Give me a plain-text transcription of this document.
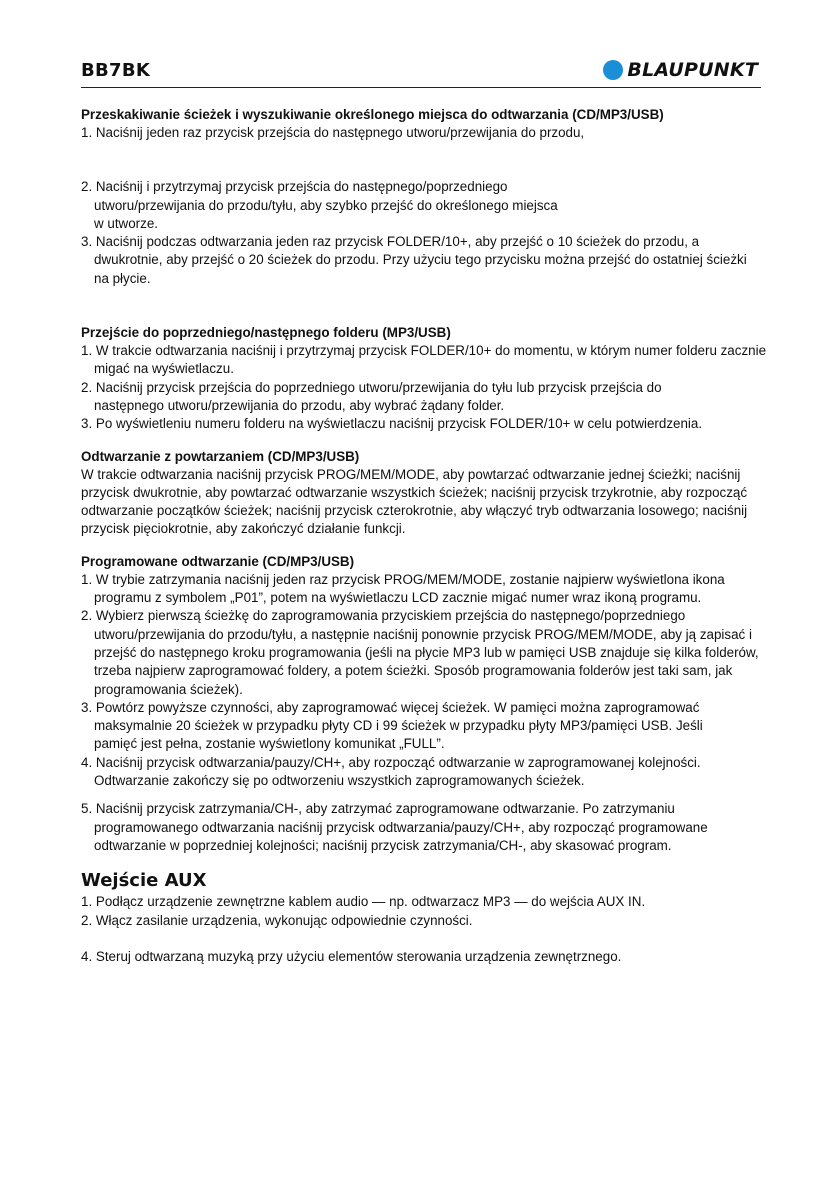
BB7BK	BLAUPUNKT
Przeskakiwanie ścieżek i wyszukiwanie określonego miejsca do odtwarzania (CD/MP3/USB)
1. Naciśnij jeden raz przycisk przejścia do następnego utworu/przewijania do przodu,
2. Naciśnij i przytrzymaj przycisk przejścia do następnego/poprzedniego utworu/przewijania do przodu/tyłu, aby szybko przejść do określonego miejsca w utworze.
3. Naciśnij podczas odtwarzania jeden raz przycisk FOLDER/10+, aby przejść o 10 ścieżek do przodu, a dwukrotnie, aby przejść o 20 ścieżek do przodu. Przy użyciu tego przycisku można przejść do ostatniej ścieżki na płycie.
Przejście do poprzedniego/następnego folderu (MP3/USB)
1. W trakcie odtwarzania naciśnij i przytrzymaj przycisk FOLDER/10+ do momentu, w którym numer folderu zacznie migać na wyświetlaczu.
2. Naciśnij przycisk przejścia do poprzedniego utworu/przewijania do tyłu lub przycisk przejścia do następnego utworu/przewijania do przodu, aby wybrać żądany folder.
3. Po wyświetleniu numeru folderu na wyświetlaczu naciśnij przycisk FOLDER/10+ w celu potwierdzenia.
Odtwarzanie z powtarzaniem (CD/MP3/USB)
W trakcie odtwarzania naciśnij przycisk PROG/MEM/MODE, aby powtarzać odtwarzanie jednej ścieżki; naciśnij przycisk dwukrotnie, aby powtarzać odtwarzanie wszystkich ścieżek; naciśnij przycisk trzykrotnie, aby rozpocząć odtwarzanie początków ścieżek; naciśnij przycisk czterokrotnie, aby włączyć tryb odtwarzania losowego; naciśnij przycisk pięciokrotnie, aby zakończyć działanie funkcji.
Programowane odtwarzanie (CD/MP3/USB)
1. W trybie zatrzymania naciśnij jeden raz przycisk PROG/MEM/MODE, zostanie najpierw wyświetlona ikona programu z symbolem „P01”, potem na wyświetlaczu LCD zacznie migać numer wraz ikoną programu.
2. Wybierz pierwszą ścieżkę do zaprogramowania przyciskiem przejścia do następnego/poprzedniego utworu/przewijania do przodu/tyłu, a następnie naciśnij ponownie przycisk PROG/MEM/MODE, aby ją zapisać i przejść do następnego kroku programowania (jeśli na płycie MP3 lub w pamięci USB znajduje się kilka folderów, trzeba najpierw zaprogramować foldery, a potem ścieżki. Sposób programowania folderów jest taki sam, jak programowania ścieżek).
3. Powtórz powyższe czynności, aby zaprogramować więcej ścieżek. W pamięci można zaprogramować maksymalnie 20 ścieżek w przypadku płyty CD i 99 ścieżek w przypadku płyty MP3/pamięci USB. Jeśli pamięć jest pełna, zostanie wyświetlony komunikat „FULL”.
4. Naciśnij przycisk odtwarzania/pauzy/CH+, aby rozpocząć odtwarzanie w zaprogramowanej kolejności. Odtwarzanie zakończy się po odtworzeniu wszystkich zaprogramowanych ścieżek.
5. Naciśnij przycisk zatrzymania/CH-, aby zatrzymać zaprogramowane odtwarzanie. Po zatrzymaniu programowanego odtwarzania naciśnij przycisk odtwarzania/pauzy/CH+, aby rozpocząć programowane odtwarzanie w poprzedniej kolejności; naciśnij przycisk zatrzymania/CH-, aby skasować program.
Wejście AUX
1. Podłącz urządzenie zewnętrzne kablem audio — np. odtwarzacz MP3 — do wejścia AUX IN.
2. Włącz zasilanie urządzenia, wykonując odpowiednie czynności.
4. Steruj odtwarzaną muzyką przy użyciu elementów sterowania urządzenia zewnętrznego.
